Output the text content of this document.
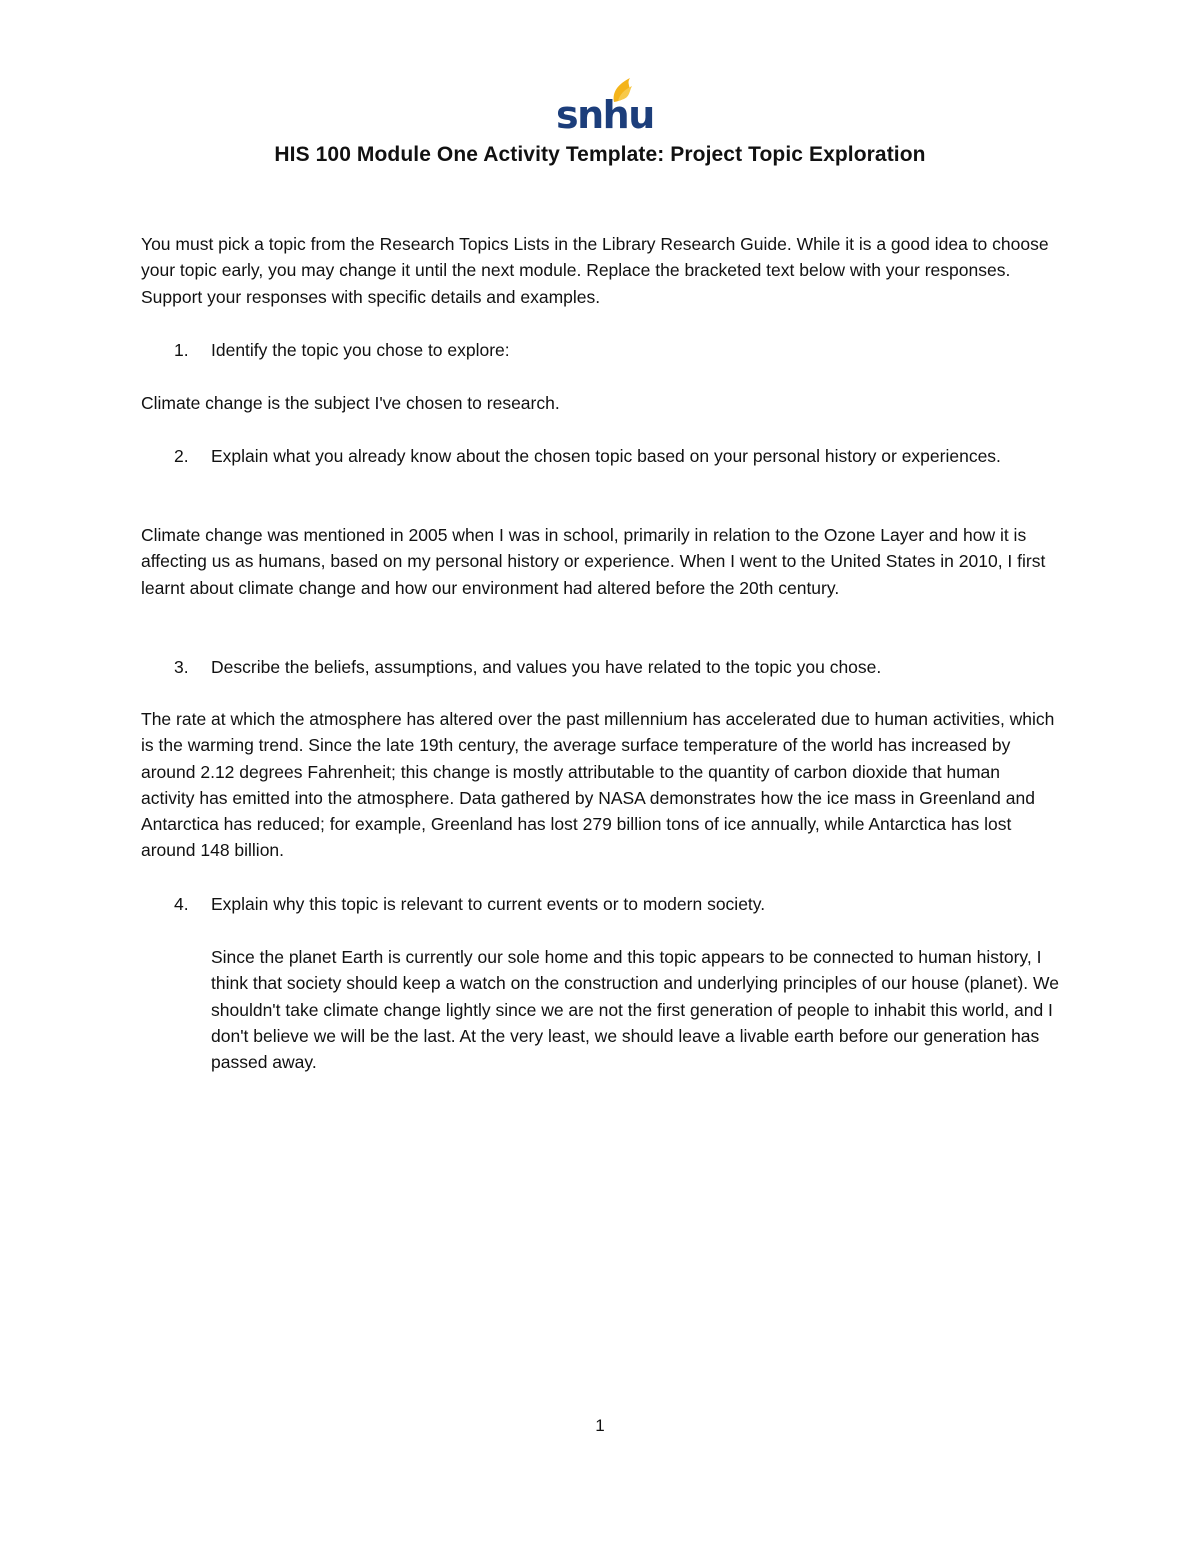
snhu
HIS 100 Module One Activity Template: Project Topic Exploration

You must pick a topic from the Research Topics Lists in the Library Research Guide. While it is a good idea to choose your topic early, you may change it until the next module. Replace the bracketed text below with your responses. Support your responses with specific details and examples.

1. Identify the topic you chose to explore:

Climate change is the subject I've chosen to research.

2. Explain what you already know about the chosen topic based on your personal history or experiences.

Climate change was mentioned in 2005 when I was in school, primarily in relation to the Ozone Layer and how it is affecting us as humans, based on my personal history or experience. When I went to the United States in 2010, I first learnt about climate change and how our environment had altered before the 20th century.

3. Describe the beliefs, assumptions, and values you have related to the topic you chose.

The rate at which the atmosphere has altered over the past millennium has accelerated due to human activities, which is the warming trend. Since the late 19th century, the average surface temperature of the world has increased by around 2.12 degrees Fahrenheit; this change is mostly attributable to the quantity of carbon dioxide that human activity has emitted into the atmosphere. Data gathered by NASA demonstrates how the ice mass in Greenland and Antarctica has reduced; for example, Greenland has lost 279 billion tons of ice annually, while Antarctica has lost around 148 billion.

4. Explain why this topic is relevant to current events or to modern society.

Since the planet Earth is currently our sole home and this topic appears to be connected to human history, I think that society should keep a watch on the construction and underlying principles of our house (planet). We shouldn't take climate change lightly since we are not the first generation of people to inhabit this world, and I don't believe we will be the last. At the very least, we should leave a livable earth before our generation has passed away.

1
